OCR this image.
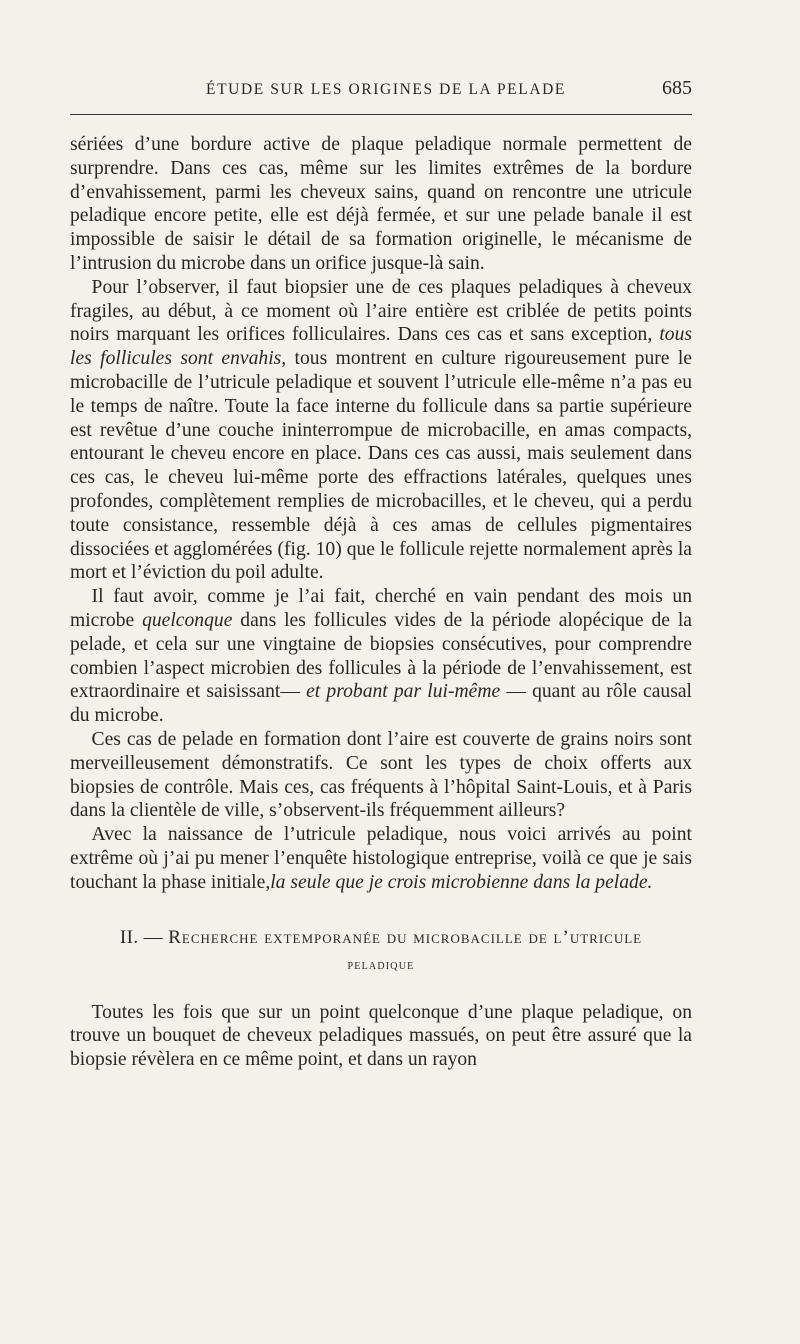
ÉTUDE SUR LES ORIGINES DE LA PELADE	685

sériées d’une bordure active de plaque peladique normale permettent de surprendre. Dans ces cas, même sur les limites extrêmes de la bordure d’envahissement, parmi les cheveux sains, quand on rencontre une utricule peladique encore petite, elle est déjà fermée, et sur une pelade banale il est impossible de saisir le détail de sa formation originelle, le mécanisme de l’intrusion du microbe dans un orifice jusque-là sain.

Pour l’observer, il faut biopsier une de ces plaques peladiques à cheveux fragiles, au début, à ce moment où l’aire entière est criblée de petits points noirs marquant les orifices folliculaires. Dans ces cas et sans exception, tous les follicules sont envahis, tous montrent en culture rigoureusement pure le microbacille de l’utricule peladique et souvent l’utricule elle-même n’a pas eu le temps de naître. Toute la face interne du follicule dans sa partie supérieure est revêtue d’une couche ininterrompue de microbacille, en amas compacts, entourant le cheveu encore en place. Dans ces cas aussi, mais seulement dans ces cas, le cheveu lui-même porte des effractions latérales, quelques unes profondes, complètement remplies de microbacilles, et le cheveu, qui a perdu toute consistance, ressemble déjà à ces amas de cellules pigmentaires dissociées et agglomérées (fig. 10) que le follicule rejette normalement après la mort et l’éviction du poil adulte.

Il faut avoir, comme je l’ai fait, cherché en vain pendant des mois un microbe quelconque dans les follicules vides de la période alopécique de la pelade, et cela sur une vingtaine de biopsies consécutives, pour comprendre combien l’aspect microbien des follicules à la période de l’envahissement, est extraordinaire et saisissant— et probant par lui-même — quant au rôle causal du microbe.

Ces cas de pelade en formation dont l’aire est couverte de grains noirs sont merveilleusement démonstratifs. Ce sont les types de choix offerts aux biopsies de contrôle. Mais ces, cas fréquents à l’hôpital Saint-Louis, et à Paris dans la clientèle de ville, s’observent-ils fréquemment ailleurs?

Avec la naissance de l’utricule peladique, nous voici arrivés au point extrême où j’ai pu mener l’enquête histologique entreprise, voilà ce que je sais touchant la phase initiale,la seule que je crois microbienne dans la pelade.

II. — Recherche extemporanée du microbacille de l’utricule
peladique

Toutes les fois que sur un point quelconque d’une plaque peladique, on trouve un bouquet de cheveux peladiques massués, on peut être assuré que la biopsie révèlera en ce même point, et dans un rayon
